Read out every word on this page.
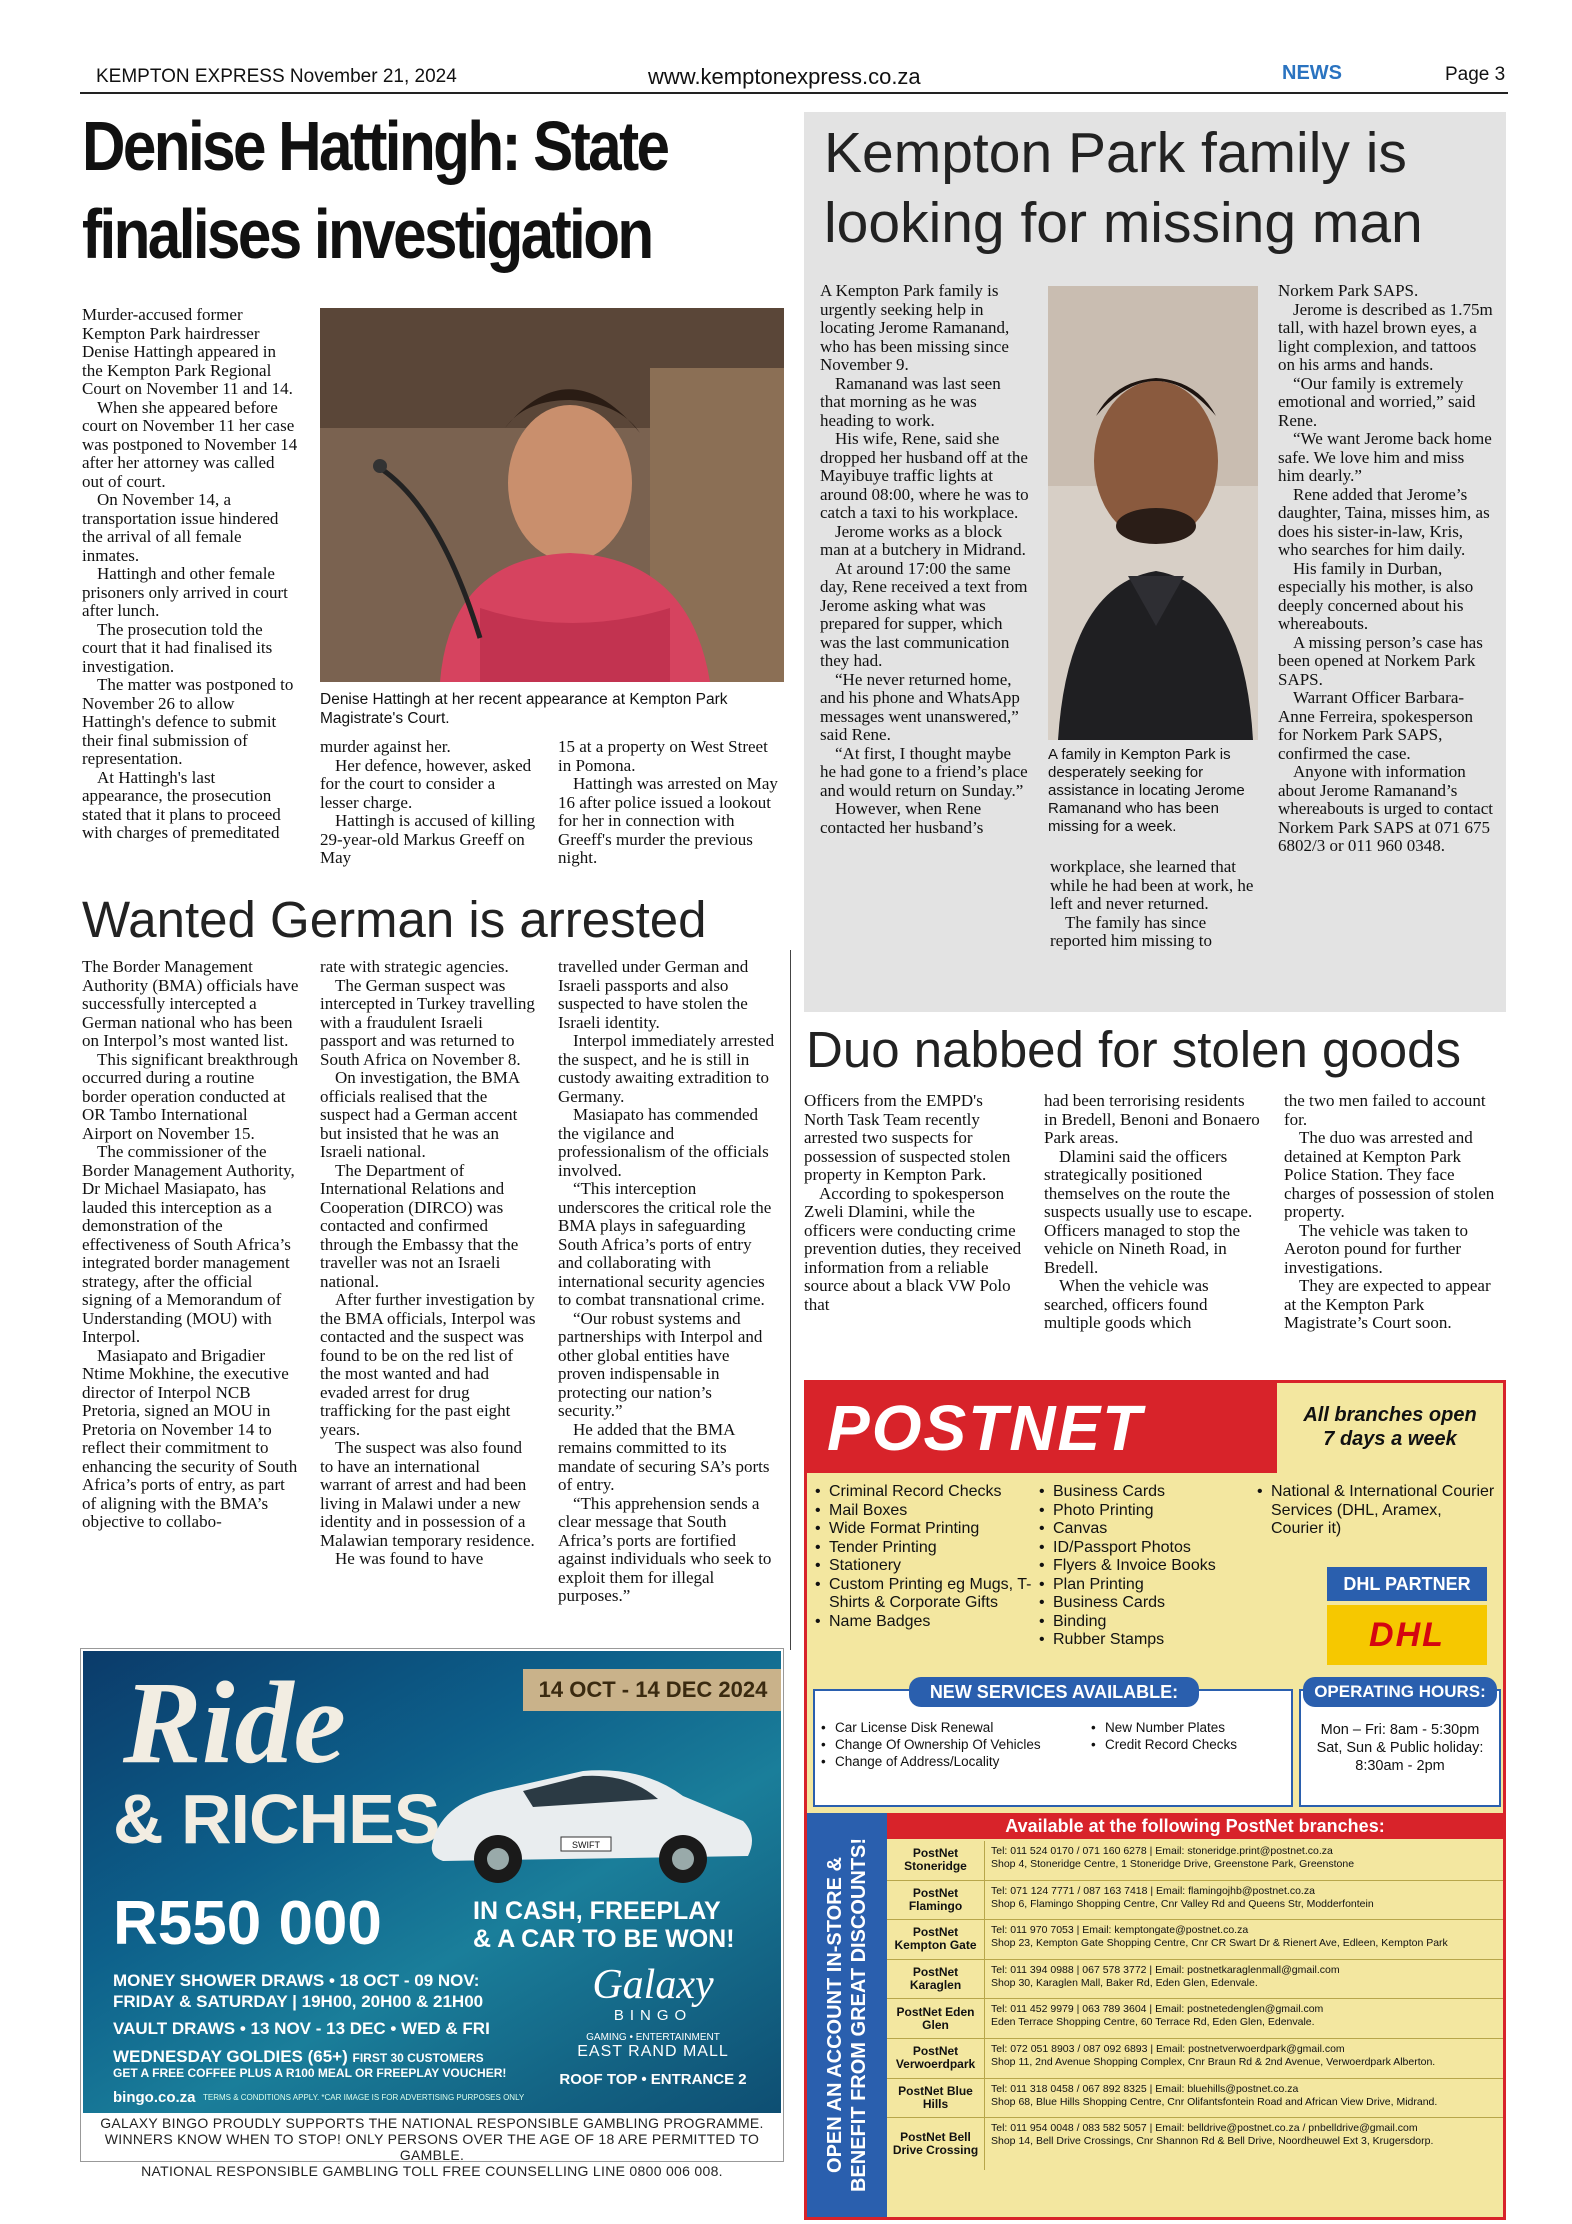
KEMPTON EXPRESS November 21, 2024	www.kemptonexpress.co.za	NEWS	Page 3
Denise Hattingh: State
finalises investigation

Murder-accused former Kempton Park hairdresser Denise Hattingh appeared in the Kempton Park Regional Court on November 11 and 14.

When she appeared before court on November 11 her case was postponed to November 14 after her attorney was called out of court.

On November 14, a transportation issue hindered the arrival of all female inmates.

Hattingh and other female prisoners only arrived in court after lunch.

The prosecution told the court that it had finalised its investigation.

The matter was postponed to November 26 to allow Hattingh's defence to submit their final submission of representation.

At Hattingh's last appearance, the prosecution stated that it plans to proceed with charges of premeditated

Denise Hattingh at her recent appearance at Kempton Park Magistrate's Court.

murder against her.

Her defence, however, asked for the court to consider a lesser charge.

Hattingh is accused of killing 29-year-old Markus Greeff on May

15 at a property on West Street in Pomona.

Hattingh was arrested on May 16 after police issued a lookout for her in connection with Greeff's murder the previous night.

Kempton Park family is
looking for missing man

A Kempton Park family is urgently seeking help in locating Jerome Ramanand, who has been missing since November 9.

Ramanand was last seen that morning as he was heading to work.

His wife, Rene, said she dropped her husband off at the Mayibuye traffic lights at around 08:00, where he was to catch a taxi to his workplace.

Jerome works as a block man at a butchery in Midrand.

At around 17:00 the same day, Rene received a text from Jerome asking what was prepared for supper, which was the last communication they had.

“He never returned home, and his phone and WhatsApp messages went unanswered,” said Rene.

“At first, I thought maybe he had gone to a friend’s place and would return on Sunday.”

However, when Rene contacted her husband’s

A family in Kempton Park is desperately seeking for assistance in locating Jerome Ramanand who has been missing for a week.

workplace, she learned that while he had been at work, he left and never returned.

The family has since reported him missing to

Norkem Park SAPS.

Jerome is described as 1.75m tall, with hazel brown eyes, a light complexion, and tattoos on his arms and hands.

“Our family is extremely emotional and worried,” said Rene.

“We want Jerome back home safe. We love him and miss him dearly.”

Rene added that Jerome’s daughter, Taina, misses him, as does his sister-in-law, Kris, who searches for him daily.

His family in Durban, especially his mother, is also deeply concerned about his whereabouts.

A missing person’s case has been opened at Norkem Park SAPS.

Warrant Officer Barbara-Anne Ferreira, spokesperson for Norkem Park SAPS, confirmed the case.

Anyone with information about Jerome Ramanand’s whereabouts is urged to contact Norkem Park SAPS at 071 675 6802/3 or 011 960 0348.

Wanted German is arrested

The Border Management Authority (BMA) officials have successfully intercepted a German national who has been on Interpol’s most wanted list.

This significant breakthrough occurred during a routine border operation conducted at OR Tambo International Airport on November 15.

The commissioner of the Border Management Authority, Dr Michael Masiapato, has lauded this interception as a demonstration of the effectiveness of South Africa’s integrated border management strategy, after the official signing of a Memorandum of Understanding (MOU) with Interpol.

Masiapato and Brigadier Ntime Mokhine, the executive director of Interpol NCB Pretoria, signed an MOU in Pretoria on November 14 to reflect their commitment to enhancing the security of South Africa’s ports of entry, as part of aligning with the BMA’s objective to collabo-

rate with strategic agencies.

The German suspect was intercepted in Turkey travelling with a fraudulent Israeli passport and was returned to South Africa on November 8.

On investigation, the BMA officials realised that the suspect had a German accent but insisted that he was an Israeli national.

The Department of International Relations and Cooperation (DIRCO) was contacted and confirmed through the Embassy that the traveller was not an Israeli national.

After further investigation by the BMA officials, Interpol was contacted and the suspect was found to be on the red list of the most wanted and had evaded arrest for drug trafficking for the past eight years.

The suspect was also found to have an international warrant of arrest and had been living in Malawi under a new identity and in possession of a Malawian temporary residence.

He was found to have

travelled under German and Israeli passports and also suspected to have stolen the Israeli identity.

Interpol immediately arrested the suspect, and he is still in custody awaiting extradition to Germany.

Masiapato has commended the vigilance and professionalism of the officials involved.

“This interception underscores the critical role the BMA plays in safeguarding South Africa’s ports of entry and collaborating with international security agencies to combat transnational crime.

“Our robust systems and partnerships with Interpol and other global entities have proven indispensable in protecting our nation’s security.”

He added that the BMA remains committed to its mandate of securing SA’s ports of entry.

“This apprehension sends a clear message that South Africa’s ports are fortified against individuals who seek to exploit them for illegal purposes.”

Duo nabbed for stolen goods

Officers from the EMPD's North Task Team recently arrested two suspects for possession of suspected stolen property in Kempton Park.

According to spokesperson Zweli Dlamini, while the officers were conducting crime prevention duties, they received information from a reliable source about a black VW Polo that

had been terrorising residents in Bredell, Benoni and Bonaero Park areas.

Dlamini said the officers strategically positioned themselves on the route the suspects usually use to escape. Officers managed to stop the vehicle on Nineth Road, in Bredell.

When the vehicle was searched, officers found multiple goods which

the two men failed to account for.

The duo was arrested and detained at Kempton Park Police Station. They face charges of possession of stolen property.

The vehicle was taken to Aeroton pound for further investigations.

They are expected to appear at the Kempton Park Magistrate’s Court soon.

14 OCT - 14 DEC 2024
Ride
& RICHES	SWIFT
R550 000	IN CASH, FREEPLAY
& A CAR TO BE WON!
MONEY SHOWER DRAWS • 18 OCT - 09 NOV:
FRIDAY & SATURDAY | 19H00, 20H00 & 21H00
VAULT DRAWS • 13 NOV - 13 DEC • WED & FRI
WEDNESDAY GOLDIES (65+) FIRST 30 CUSTOMERS
GET A FREE COFFEE PLUS A R100 MEAL OR FREEPLAY VOUCHER!
bingo.co.za TERMS & CONDITIONS APPLY. *CAR IMAGE IS FOR ADVERTISING PURPOSES ONLY
Galaxy
BINGO
GAMING • ENTERTAINMENT
EAST RAND MALL
ROOF TOP • ENTRANCE 2
GALAXY BINGO PROUDLY SUPPORTS THE NATIONAL RESPONSIBLE GAMBLING PROGRAMME.
WINNERS KNOW WHEN TO STOP! ONLY PERSONS OVER THE AGE OF 18 ARE PERMITTED TO GAMBLE.
NATIONAL RESPONSIBLE GAMBLING TOLL FREE COUNSELLING LINE 0800 006 008.
POSTNET	All branches open
7 days a week
• Criminal Record Checks
• Mail Boxes
• Wide Format Printing
• Tender Printing
• Stationery
• Custom Printing eg Mugs, T-Shirts & Corporate Gifts
• Name Badges
• Business Cards
• Photo Printing
• Canvas
• ID/Passport Photos
• Flyers & Invoice Books
• Plan Printing
• Business Cards
• Binding
• Rubber Stamps
• National & International Courier Services (DHL, Aramex, Courier it)
DHL PARTNER
DHL
NEW SERVICES AVAILABLE:
• Car License Disk Renewal
• Change Of Ownership Of Vehicles
• Change of Address/Locality
• New Number Plates
• Credit Record Checks
OPERATING HOURS:
Mon – Fri: 8am - 5:30pm
Sat, Sun & Public holiday:
8:30am - 2pm
OPEN AN ACCOUNT IN-STORE & BENEFIT FROM GREAT DISCOUNTS!
Available at the following PostNet branches:
PostNet Stoneridge
Tel: 011 524 0170 / 071 160 6278 | Email: stoneridge.print@postnet.co.za
Shop 4, Stoneridge Centre, 1 Stoneridge Drive, Greenstone Park, Greenstone
PostNet Flamingo
Tel: 071 124 7771 / 087 163 7418 | Email: flamingojhb@postnet.co.za
Shop 6, Flamingo Shopping Centre, Cnr Valley Rd and Queens Str, Modderfontein
PostNet Kempton Gate
Tel: 011 970 7053 | Email: kemptongate@postnet.co.za
Shop 23, Kempton Gate Shopping Centre, Cnr CR Swart Dr & Rienert Ave, Edleen, Kempton Park
PostNet Karaglen
Tel: 011 394 0988 | 067 578 3772 | Email: postnetkaraglenmall@gmail.com
Shop 30, Karaglen Mall, Baker Rd, Eden Glen, Edenvale.
PostNet Eden Glen
Tel: 011 452 9979 | 063 789 3604 | Email: postnetedenglen@gmail.com
Eden Terrace Shopping Centre, 60 Terrace Rd, Eden Glen, Edenvale.
PostNet Verwoerdpark
Tel: 072 051 8903 / 087 092 6893 | Email: postnetverwoerdpark@gmail.com
Shop 11, 2nd Avenue Shopping Complex, Cnr Braun Rd & 2nd Avenue, Verwoerdpark Alberton.
PostNet Blue Hills
Tel: 011 318 0458 / 067 892 8325 | Email: bluehills@postnet.co.za
Shop 68, Blue Hills Shopping Centre, Cnr Olifantsfontein Road and African View Drive, Midrand.
PostNet Bell Drive Crossing
Tel: 011 954 0048 / 083 582 5057 | Email: belldrive@postnet.co.za / pnbelldrive@gmail.com
Shop 14, Bell Drive Crossings, Cnr Shannon Rd & Bell Drive, Noordheuwel Ext 3, Krugersdorp.
